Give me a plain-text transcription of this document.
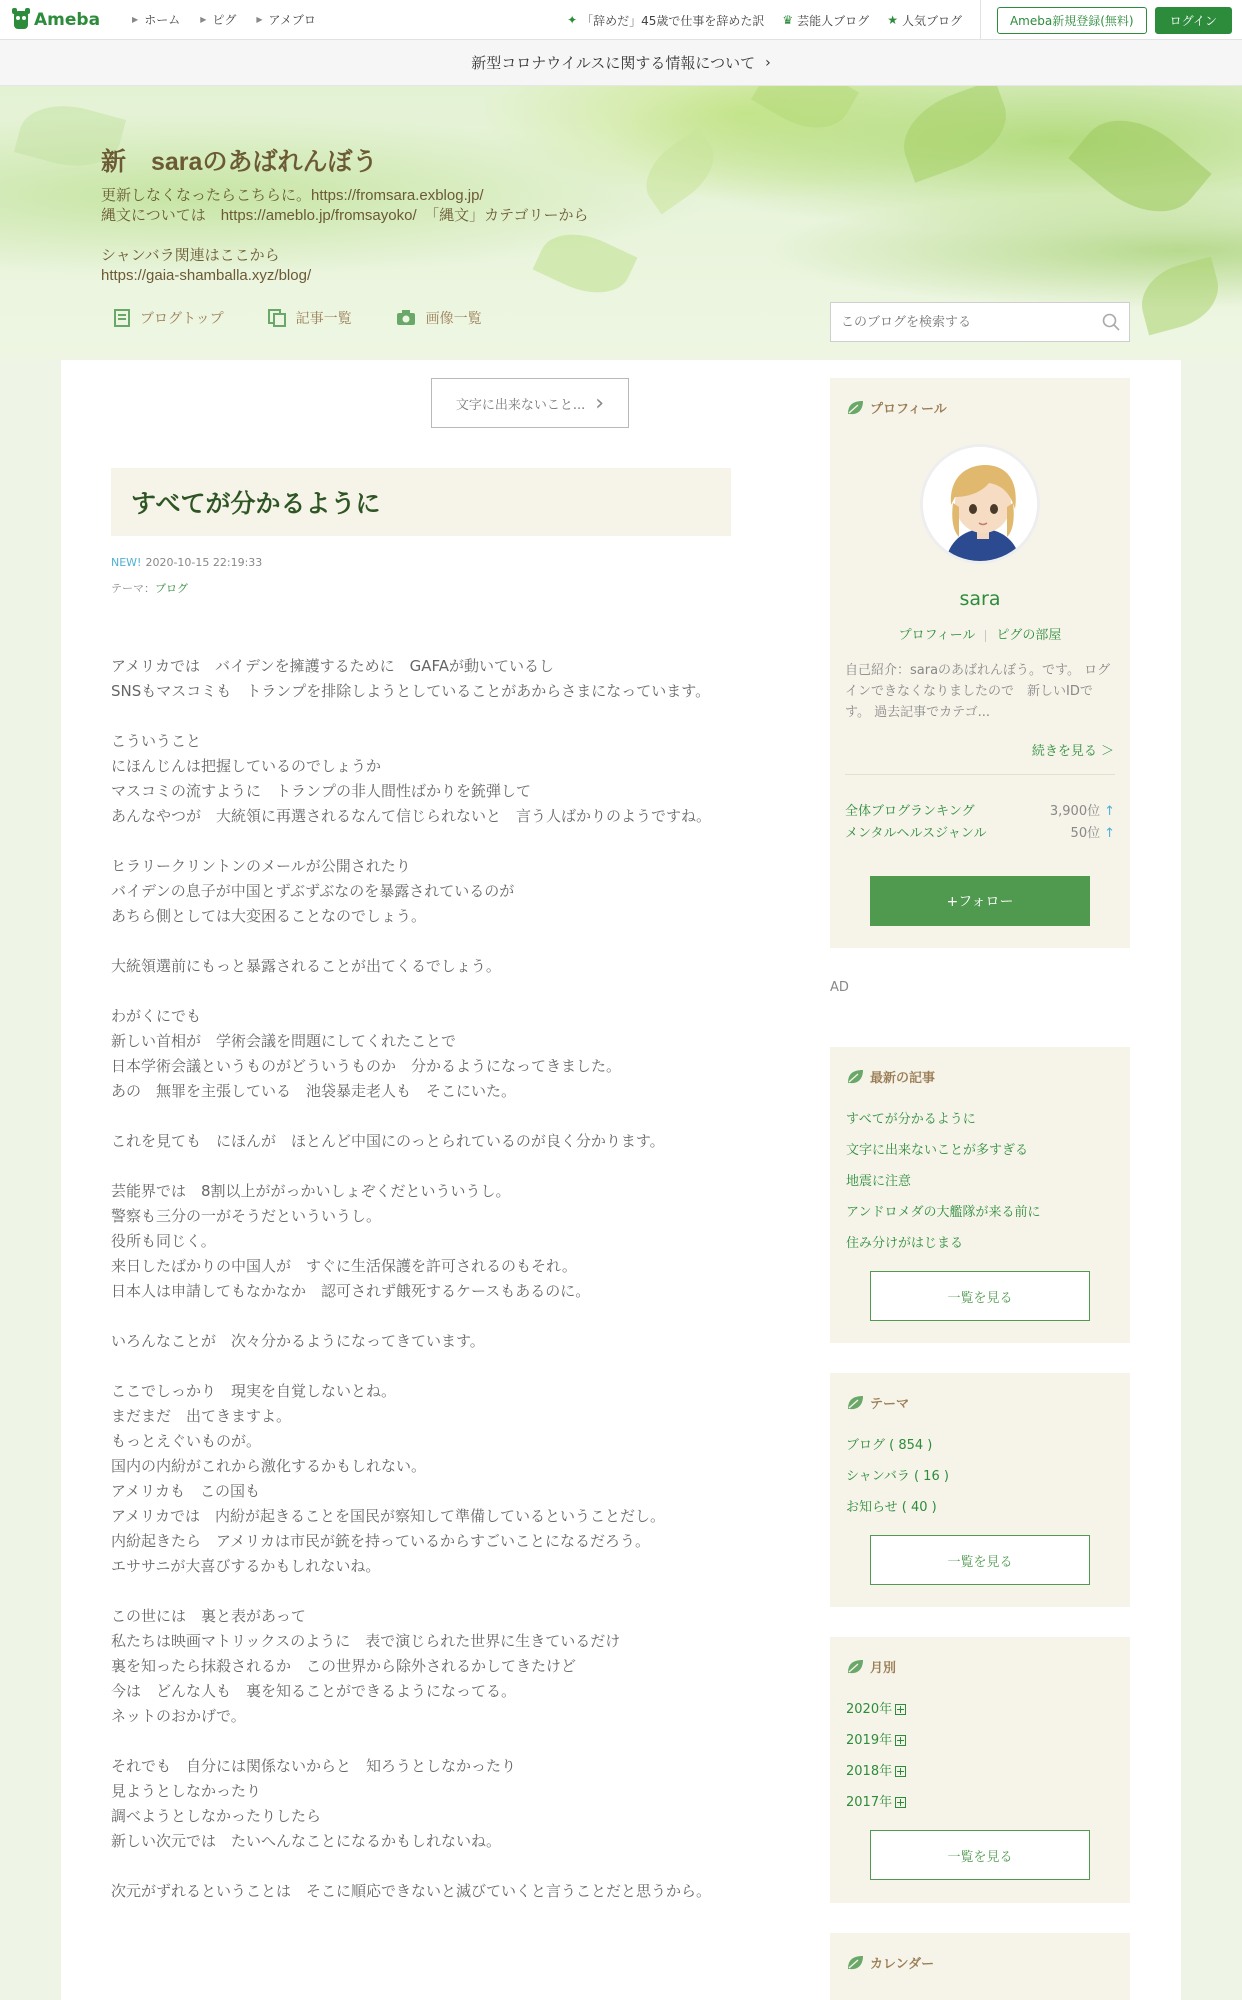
Ameba	▶ ホーム	▶ ピグ	▶ アメブロ	✦ 「辞めだ」45歳で仕事を辞めた訳 ♛ 芸能人ブログ ★ 人気ブログ	Ameba新規登録(無料)	ログイン
新型コロナウイルスに関する情報について ›
新　saraのあばれんぼう
更新しなくなったらこちらに。https://fromsara.exblog.jp/
縄文については　https://ameblo.jp/fromsayoko/　「縄文」カテゴリーから

シャンバラ関連はここから
https://gaia-shamballa.xyz/blog/
ブログトップ	記事一覧	画像一覧
このブログを検索する
文字に出来ないこと... ›
すべてが分かるように
NEW! 2020-10-15 22:19:33
テーマ：ブログ

アメリカでは　バイデンを擁護するために　GAFAが動いているし
SNSもマスコミも　トランプを排除しようとしていることがあからさまになっています。

こういうこと
にほんじんは把握しているのでしょうか
マスコミの流すように　トランプの非人間性ばかりを銃弾して
あんなやつが　大統領に再選されるなんて信じられないと　言う人ばかりのようですね。

ヒラリークリントンのメールが公開されたり
バイデンの息子が中国とずぶずぶなのを暴露されているのが
あちら側としては大変困ることなのでしょう。

大統領選前にもっと暴露されることが出てくるでしょう。

わがくにでも
新しい首相が　学術会議を問題にしてくれたことで
日本学術会議というものがどういうものか　分かるようになってきました。
あの　無罪を主張している　池袋暴走老人も　そこにいた。

これを見ても　にほんが　ほとんど中国にのっとられているのが良く分かります。

芸能界では　8割以上ががっかいしょぞくだといういうし。
警察も三分の一がそうだといういうし。
役所も同じく。
来日したばかりの中国人が　すぐに生活保護を許可されるのもそれ。
日本人は申請してもなかなか　認可されず餓死するケースもあるのに。

いろんなことが　次々分かるようになってきています。

ここでしっかり　現実を自覚しないとね。
まだまだ　出てきますよ。
もっとえぐいものが。
国内の内紛がこれから激化するかもしれない。
アメリカも　この国も
アメリカでは　内紛が起きることを国民が察知して準備しているということだし。
内紛起きたら　アメリカは市民が銃を持っているからすごいことになるだろう。
エササニが大喜びするかもしれないね。

この世には　裏と表があって
私たちは映画マトリックスのように　表で演じられた世界に生きているだけ
裏を知ったら抹殺されるか　この世界から除外されるかしてきたけど
今は　どんな人も　裏を知ることができるようになってる。
ネットのおかげで。

それでも　自分には関係ないからと　知ろうとしなかったり
見ようとしなかったり
調べようとしなかったりしたら
新しい次元では　たいへんなことになるかもしれないね。

次元がずれるということは　そこに順応できないと滅びていくと言うことだと思うから。

プロフィール
sara
プロフィール ピグの部屋
自己紹介：saraのあばれんぼう。です。 ログインできなくなりましたので　新しいIDです。 過去記事でカテゴ...
続きを見る ＞
全体ブログランキング	3,900位 ↑
メンタルヘルスジャンル	50位 ↑
+フォロー
AD
最新の記事
すべてが分かるように
文字に出来ないことが多すぎる
地震に注意
アンドロメダの大艦隊が来る前に
住み分けがはじまる
一覧を見る
テーマ
ブログ ( 854 )
シャンバラ ( 16 )
お知らせ ( 40 )
一覧を見る
月別
2020年
2019年
2018年
2017年
一覧を見る
カレンダー
